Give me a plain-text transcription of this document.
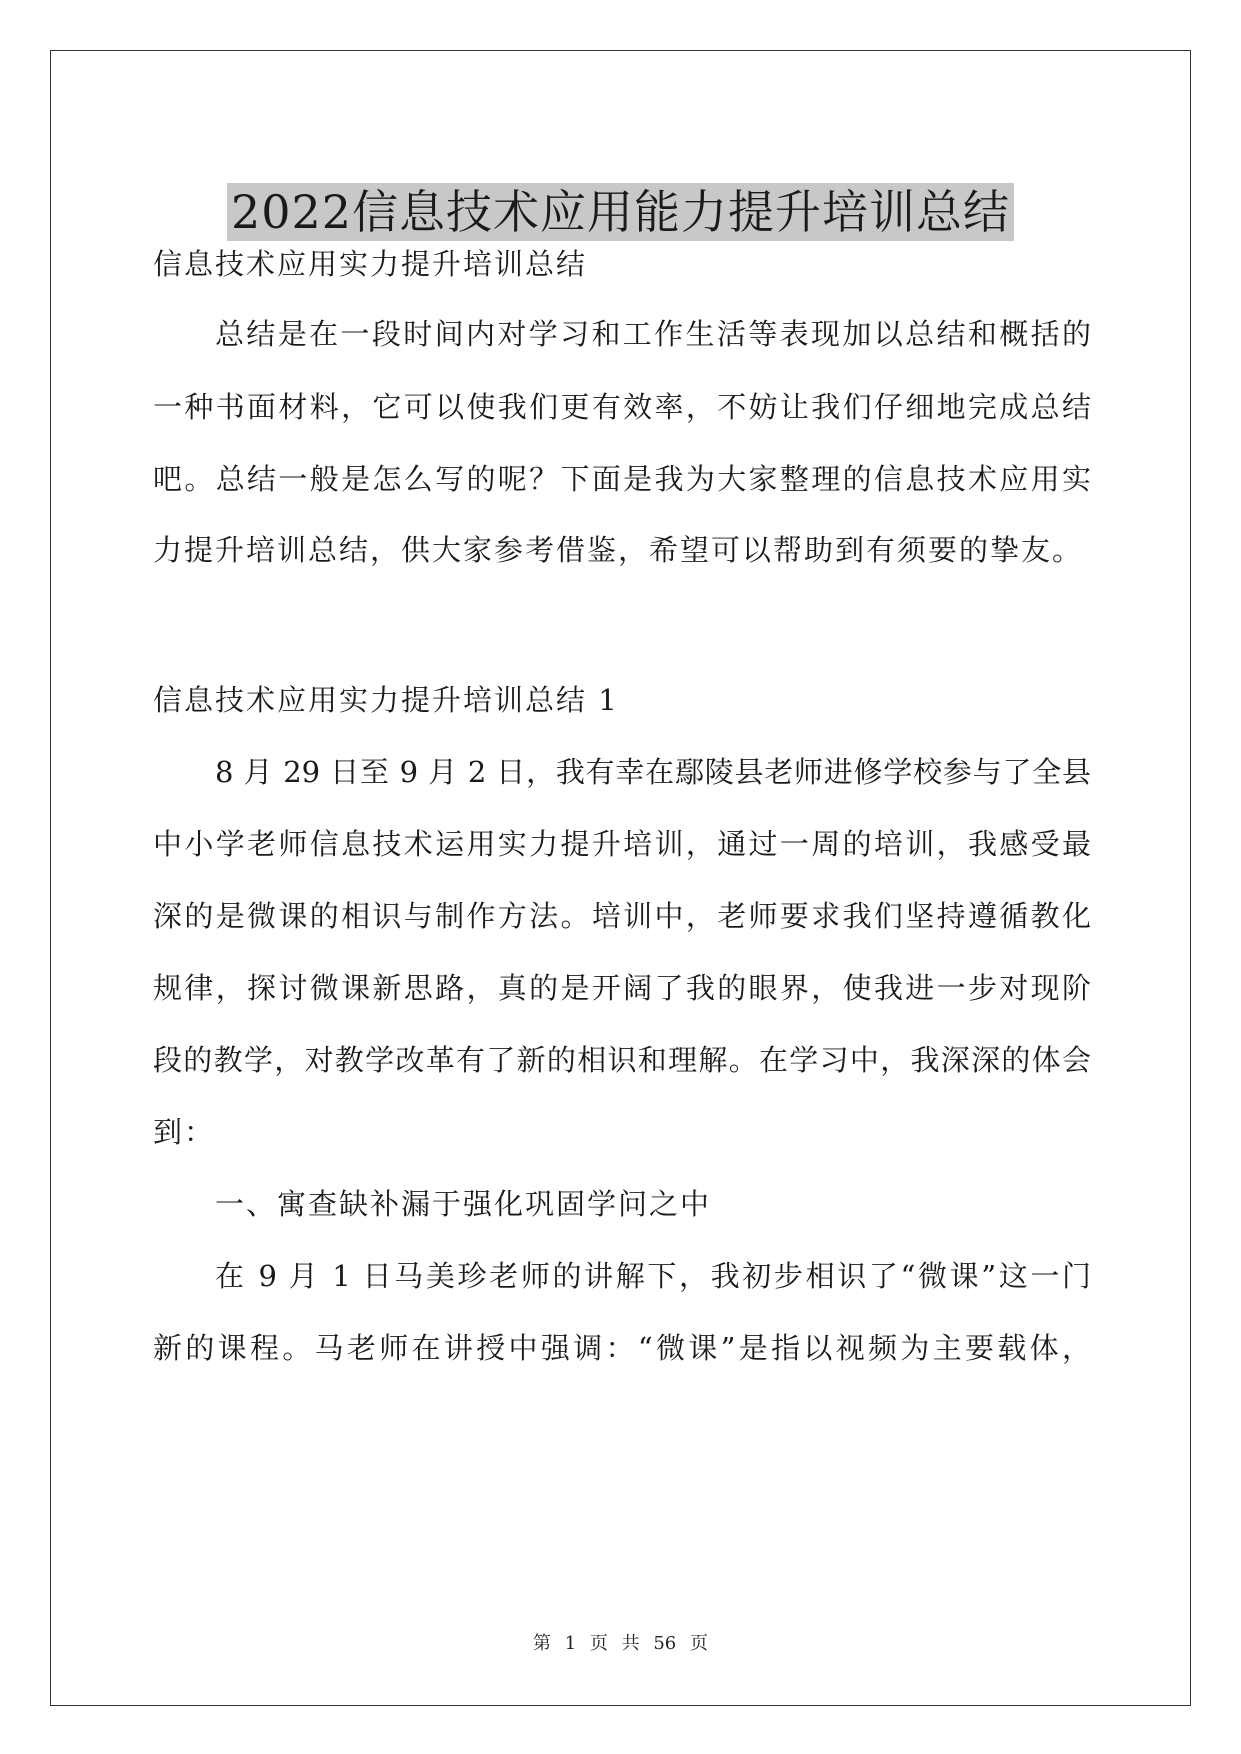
2022信息技术应用能力提升培训总结
信息技术应用实力提升培训总结
总结是在一段时间内对学习和工作生活等表现加以总结和概括的
一种书面材料，它可以使我们更有效率，不妨让我们仔细地完成总结
吧。总结一般是怎么写的呢？下面是我为大家整理的信息技术应用实
力提升培训总结，供大家参考借鉴，希望可以帮助到有须要的挚友。
信息技术应用实力提升培训总结 1
8 月 29 日至 9 月 2 日，我有幸在鄢陵县老师进修学校参与了全县
中小学老师信息技术运用实力提升培训，通过一周的培训，我感受最
深的是微课的相识与制作方法。培训中，老师要求我们坚持遵循教化
规律，探讨微课新思路，真的是开阔了我的眼界，使我进一步对现阶
段的教学，对教学改革有了新的相识和理解。在学习中，我深深的体会
到：
一、寓查缺补漏于强化巩固学问之中
在 9 月 1 日马美珍老师的讲解下，我初步相识了“微课”这一门
新的课程。马老师在讲授中强调：“微课”是指以视频为主要载体，
第 1 页 共 56 页
